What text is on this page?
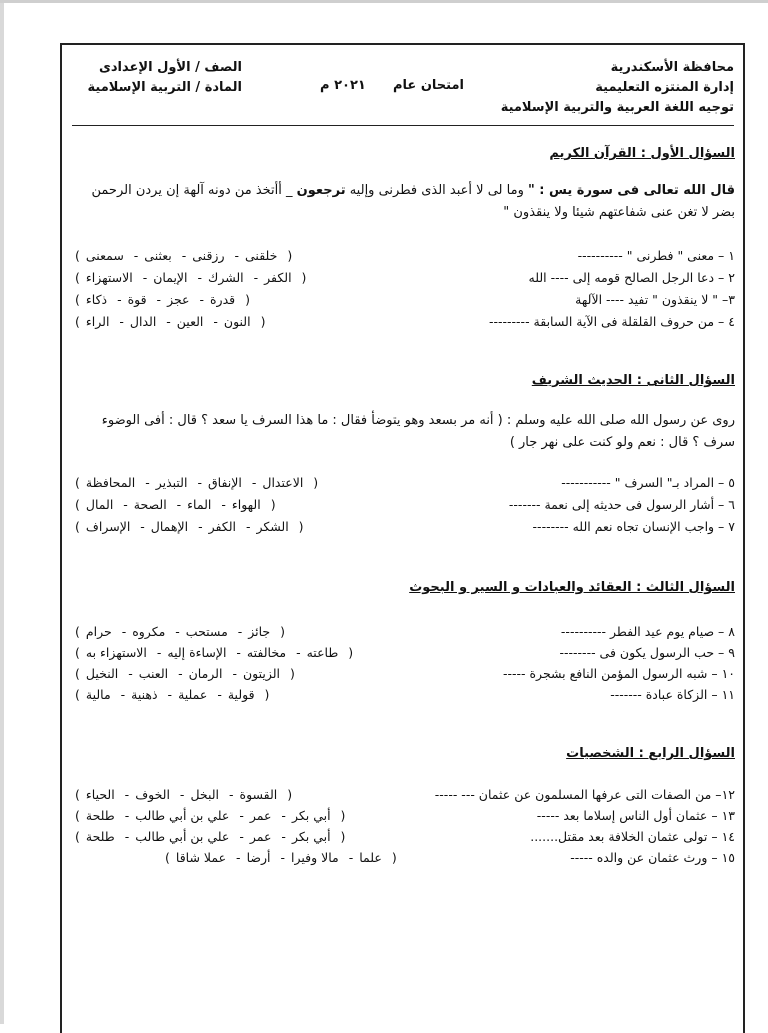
محافظة الأسكندرية
إدارة المنتزه التعليمية
توجيه اللغة العربية والتربية الإسلامية
امتحان عام      ٢٠٢١ م
الصف / الأول الإعدادى
المادة / التربية الإسلامية
السؤال الأول : القرآن الكريم
قال الله تعالى فى سورة يس : " وما لى لا أعبد الذى فطرنى وإليه ترجعون _ أأتخذ من دونه آلهة إن يردن الرحمن بضر لا تغن عنى شفاعتهم شيئا ولا ينقذون "
١ – معنى " فطرنى " ----------
( خلقنى- رزقنى- بعثنى- سمعنى)
٢ – دعا الرجل الصالح قومه إلى ---- الله
( الكفر- الشرك- الإيمان- الاستهزاء)
٣– " لا ينقذون " تفيد ---- الآلهة
( قدرة- عجز- قوة- ذكاء)
٤ – من حروف القلقلة فى الآية السابقة ---------
( النون- العين- الدال- الراء)
السؤال الثانى : الحديث الشريف
روى عن رسول الله صلى الله عليه وسلم : ( أنه مر بسعد وهو يتوضأ فقال : ما هذا السرف يا سعد ؟ قال : أفى الوضوء سرف ؟ قال : نعم ولو كنت على نهر جار )
٥ – المراد بـ" السرف " -----------
( الاعتدال- الإنفاق- التبذير- المحافظة)
٦ – أشار الرسول فى حديثه إلى نعمة -------
( الهواء- الماء- الصحة- المال)
٧ – واجب الإنسان تجاه نعم الله --------
( الشكر- الكفر- الإهمال- الإسراف)
السؤال الثالث : العقائد والعبادات و السير و البحوث
٨ – صيام يوم عيد الفطر ----------
( جائز- مستحب- مكروه- حرام)
٩ – حب الرسول يكون فى --------
( طاعته- مخالفته- الإساءة إليه- الاستهزاء به)
١٠ – شبه الرسول المؤمن النافع بشجرة -----
( الزيتون- الرمان- العنب- النخيل)
١١ – الزكاة عبادة -------
( قولية- عملية- ذهنية- مالية)
السؤال الرابع : الشخصيات
١٢– من الصفات التى عرفها المسلمون عن عثمان --- -----
( القسوة- البخل- الخوف- الحياء)
١٣ – عثمان أول الناس إسلاما بعد -----
( أبي بكر- عمر- علي بن أبي طالب- طلحة)
١٤ – تولى عثمان الخلافة بعد مقتل.......
( أبي بكر- عمر- علي بن أبي طالب- طلحة)
١٥ – ورث عثمان عن والده -----
( علما- مالا وفيرا- أرضا- عملا شاقا)
